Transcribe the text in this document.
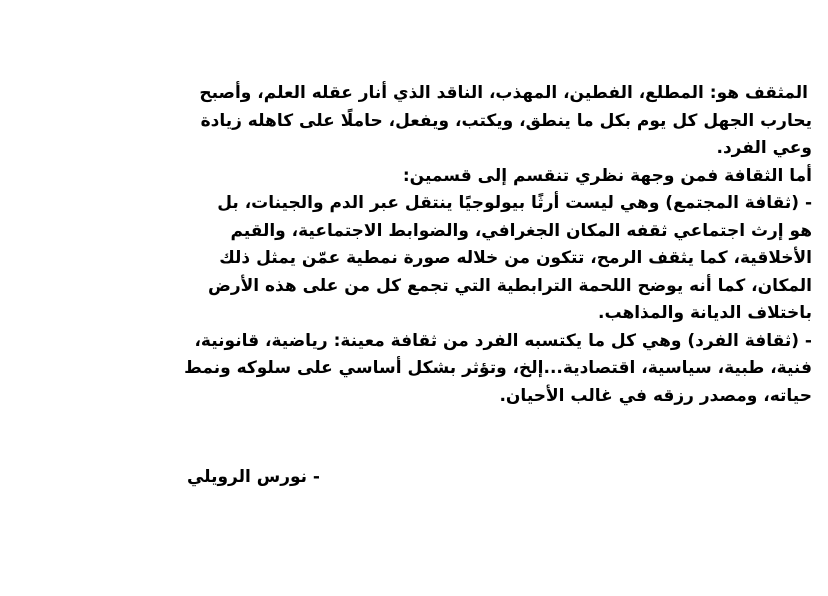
المثقف هو: المطلع، الفطين، المهذب، الناقد الذي أنار عقله العلم، وأصبح
يحارب الجهل كل يوم بكل ما ينطق، ويكتب، ويفعل، حاملًا على كاهله زيادة
وعي الفرد.
أما الثقافة فمن وجهة نظري تنقسم إلى قسمين:
- (ثقافة المجتمع) وهي ليست أرثًا بيولوجيًا ينتقل عبر الدم والجينات، بل
هو إرث اجتماعي ثقفه المكان الجغرافي، والضوابط الاجتماعية، والقيم
الأخلاقية، كما يثقف الرمح، تتكون من خلاله صورة نمطية عمّن يمثل ذلك
المكان، كما أنه يوضح اللحمة الترابطية التي تجمع كل من على هذه الأرض
باختلاف الديانة والمذاهب.
- (ثقافة الفرد) وهي كل ما يكتسبه الفرد من ثقافة معينة: رياضية، قانونية،
فنية، طبية، سياسية، اقتصادية...إلخ، وتؤثر بشكل أساسي على سلوكه ونمط
حياته، ومصدر رزقه في غالب الأحيان.
- نورس الرويلي
